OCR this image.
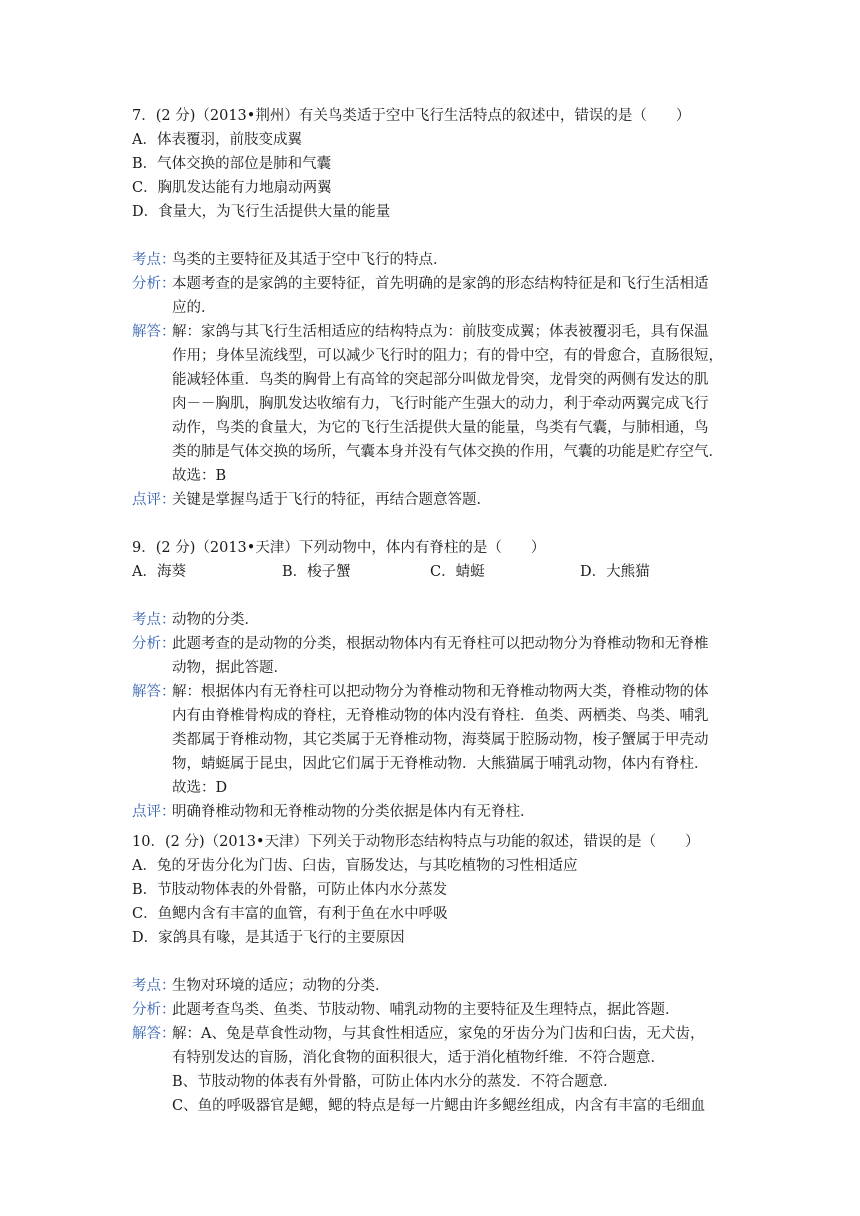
7．(2 分)（2013•荆州）有关鸟类适于空中飞行生活特点的叙述中，错误的是（　　）
A．体表覆羽，前肢变成翼
B．气体交换的部位是肺和气囊
C．胸肌发达能有力地扇动两翼
D．食量大，为飞行生活提供大量的能量
考点：
鸟类的主要特征及其适于空中飞行的特点．
分析：
本题考查的是家鸽的主要特征，首先明确的是家鸽的形态结构特征是和飞行生活相适
应的．
解答：
解：家鸽与其飞行生活相适应的结构特点为：前肢变成翼；体表被覆羽毛，具有保温
作用；身体呈流线型，可以减少飞行时的阻力；有的骨中空，有的骨愈合，直肠很短，
能减轻体重．鸟类的胸骨上有高耸的突起部分叫做龙骨突，龙骨突的两侧有发达的肌
肉－－胸肌，胸肌发达收缩有力，飞行时能产生强大的动力，利于牵动两翼完成飞行
动作，鸟类的食量大，为它的飞行生活提供大量的能量，鸟类有气囊，与肺相通，鸟
类的肺是气体交换的场所，气囊本身并没有气体交换的作用，气囊的功能是贮存空气．
故选：B
点评：
关键是掌握鸟适于飞行的特征，再结合题意答题．
9．(2 分)（2013•天津）下列动物中，体内有脊柱的是（　　）
A．海葵	B．梭子蟹	C．蜻蜓	D．大熊猫
考点：
动物的分类．
分析：
此题考查的是动物的分类，根据动物体内有无脊柱可以把动物分为脊椎动物和无脊椎
动物，据此答题．
解答：
解：根据体内有无脊柱可以把动物分为脊椎动物和无脊椎动物两大类，脊椎动物的体
内有由脊椎骨构成的脊柱，无脊椎动物的体内没有脊柱．鱼类、两栖类、鸟类、哺乳
类都属于脊椎动物，其它类属于无脊椎动物，海葵属于腔肠动物，梭子蟹属于甲壳动
物，蜻蜓属于昆虫，因此它们属于无脊椎动物．大熊猫属于哺乳动物，体内有脊柱．
故选：D
点评：
明确脊椎动物和无脊椎动物的分类依据是体内有无脊柱．
10．(2 分)（2013•天津）下列关于动物形态结构特点与功能的叙述，错误的是（　　）
A．兔的牙齿分化为门齿、臼齿，盲肠发达，与其吃植物的习性相适应
B．节肢动物体表的外骨骼，可防止体内水分蒸发
C．鱼鳃内含有丰富的血管，有利于鱼在水中呼吸
D．家鸽具有喙，是其适于飞行的主要原因
考点：
生物对环境的适应；动物的分类．
分析：
此题考查鸟类、鱼类、节肢动物、哺乳动物的主要特征及生理特点，据此答题．
解答：
解：A、兔是草食性动物，与其食性相适应，家兔的牙齿分为门齿和臼齿，无犬齿，
有特别发达的盲肠，消化食物的面积很大，适于消化植物纤维．不符合题意．
B、节肢动物的体表有外骨骼，可防止体内水分的蒸发．不符合题意．
C、鱼的呼吸器官是鳃，鳃的特点是每一片鳃由许多鳃丝组成，内含有丰富的毛细血
